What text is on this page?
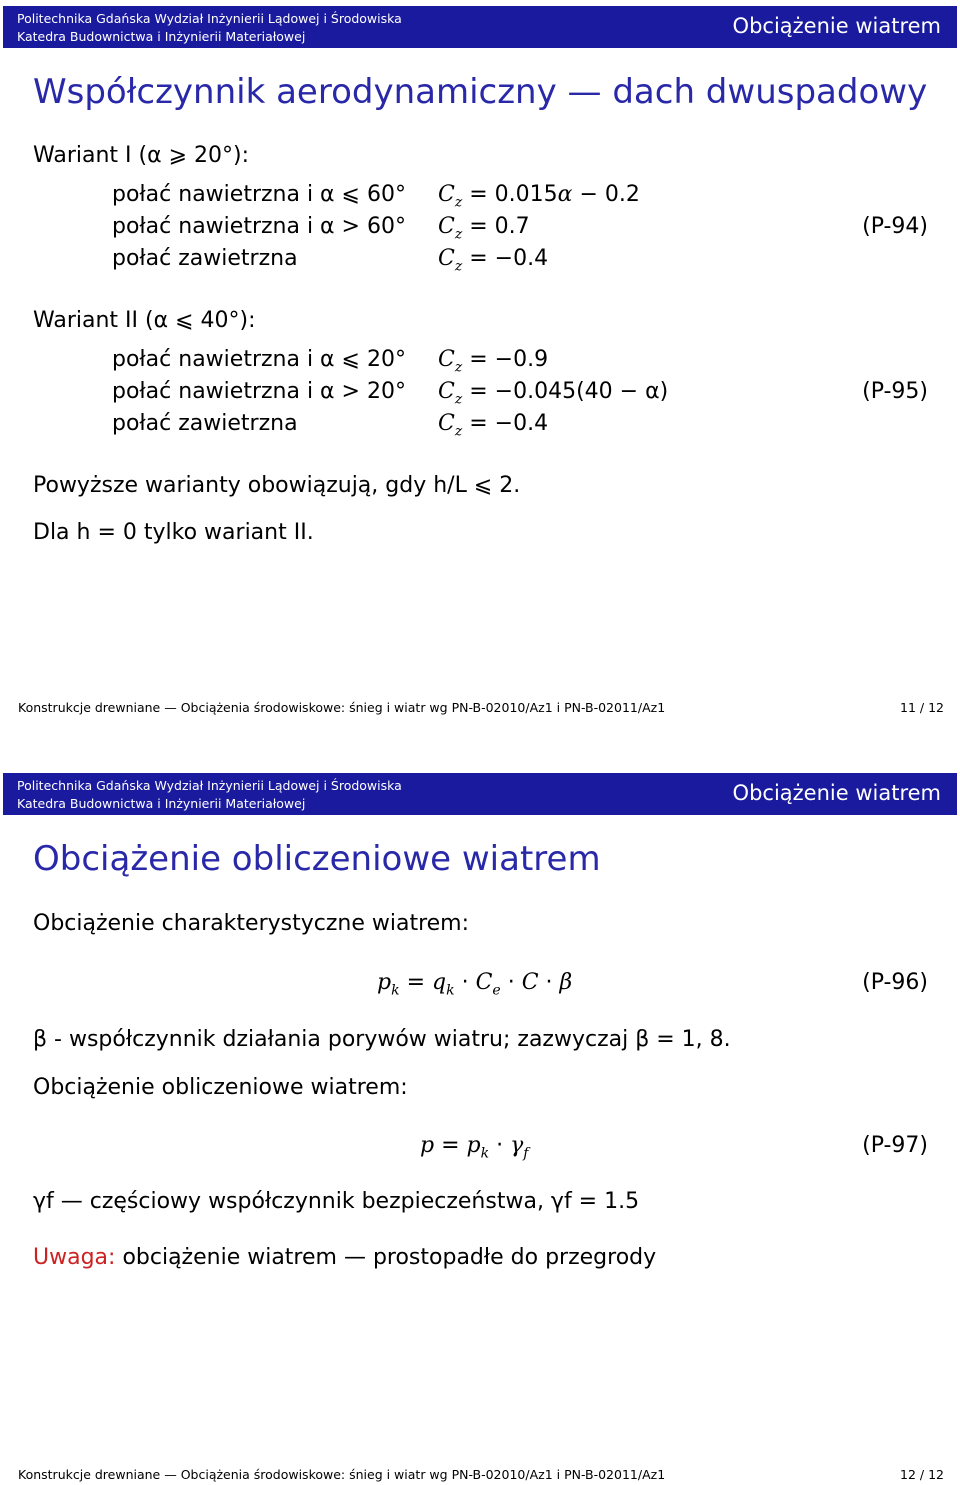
Politechnika Gdańska Wydział Inżynierii Lądowej i Środowiska
Katedra Budownictwa i Inżynierii Materiałowej	Obciążenie wiatrem
Współczynnik aerodynamiczny — dach dwuspadowy
Wariant I (α ⩾ 20°):
połać nawietrzna i α ⩽ 60° $C_z = 0.015\alpha - 0.2$
połać nawietrzna i α > 60° $C_z = 0.7$	(P-94)
połać zawietrzna	$C_z = -0.4$
Wariant II (α ⩽ 40°):
połać nawietrzna i α ⩽ 20° $C_z = -0.9$
połać nawietrzna i α > 20° $C_z = -0.045(40 - \alpha)$	(P-95)
połać zawietrzna	$C_z = -0.4$
Powyższe warianty obowiązują, gdy h/L ⩽ 2.
Dla h = 0 tylko wariant II.
Konstrukcje drewniane — Obciążenia środowiskowe: śnieg i wiatr wg PN-B-02010/Az1 i PN-B-02011/Az1	11 / 12
Politechnika Gdańska Wydział Inżynierii Lądowej i Środowiska
Katedra Budownictwa i Inżynierii Materiałowej	Obciążenie wiatrem
Obciążenie obliczeniowe wiatrem
Obciążenie charakterystyczne wiatrem:
$p_k = q_k \cdot C_e \cdot C \cdot \beta$	(P-96)
β - współczynnik działania porywów wiatru; zazwyczaj β = 1, 8.
Obciążenie obliczeniowe wiatrem:
$p = p_k \cdot \gamma_f$	(P-97)
γf — częściowy współczynnik bezpieczeństwa, γf = 1.5
Uwaga: obciążenie wiatrem — prostopadłe do przegrody
Konstrukcje drewniane — Obciążenia środowiskowe: śnieg i wiatr wg PN-B-02010/Az1 i PN-B-02011/Az1	12 / 12
